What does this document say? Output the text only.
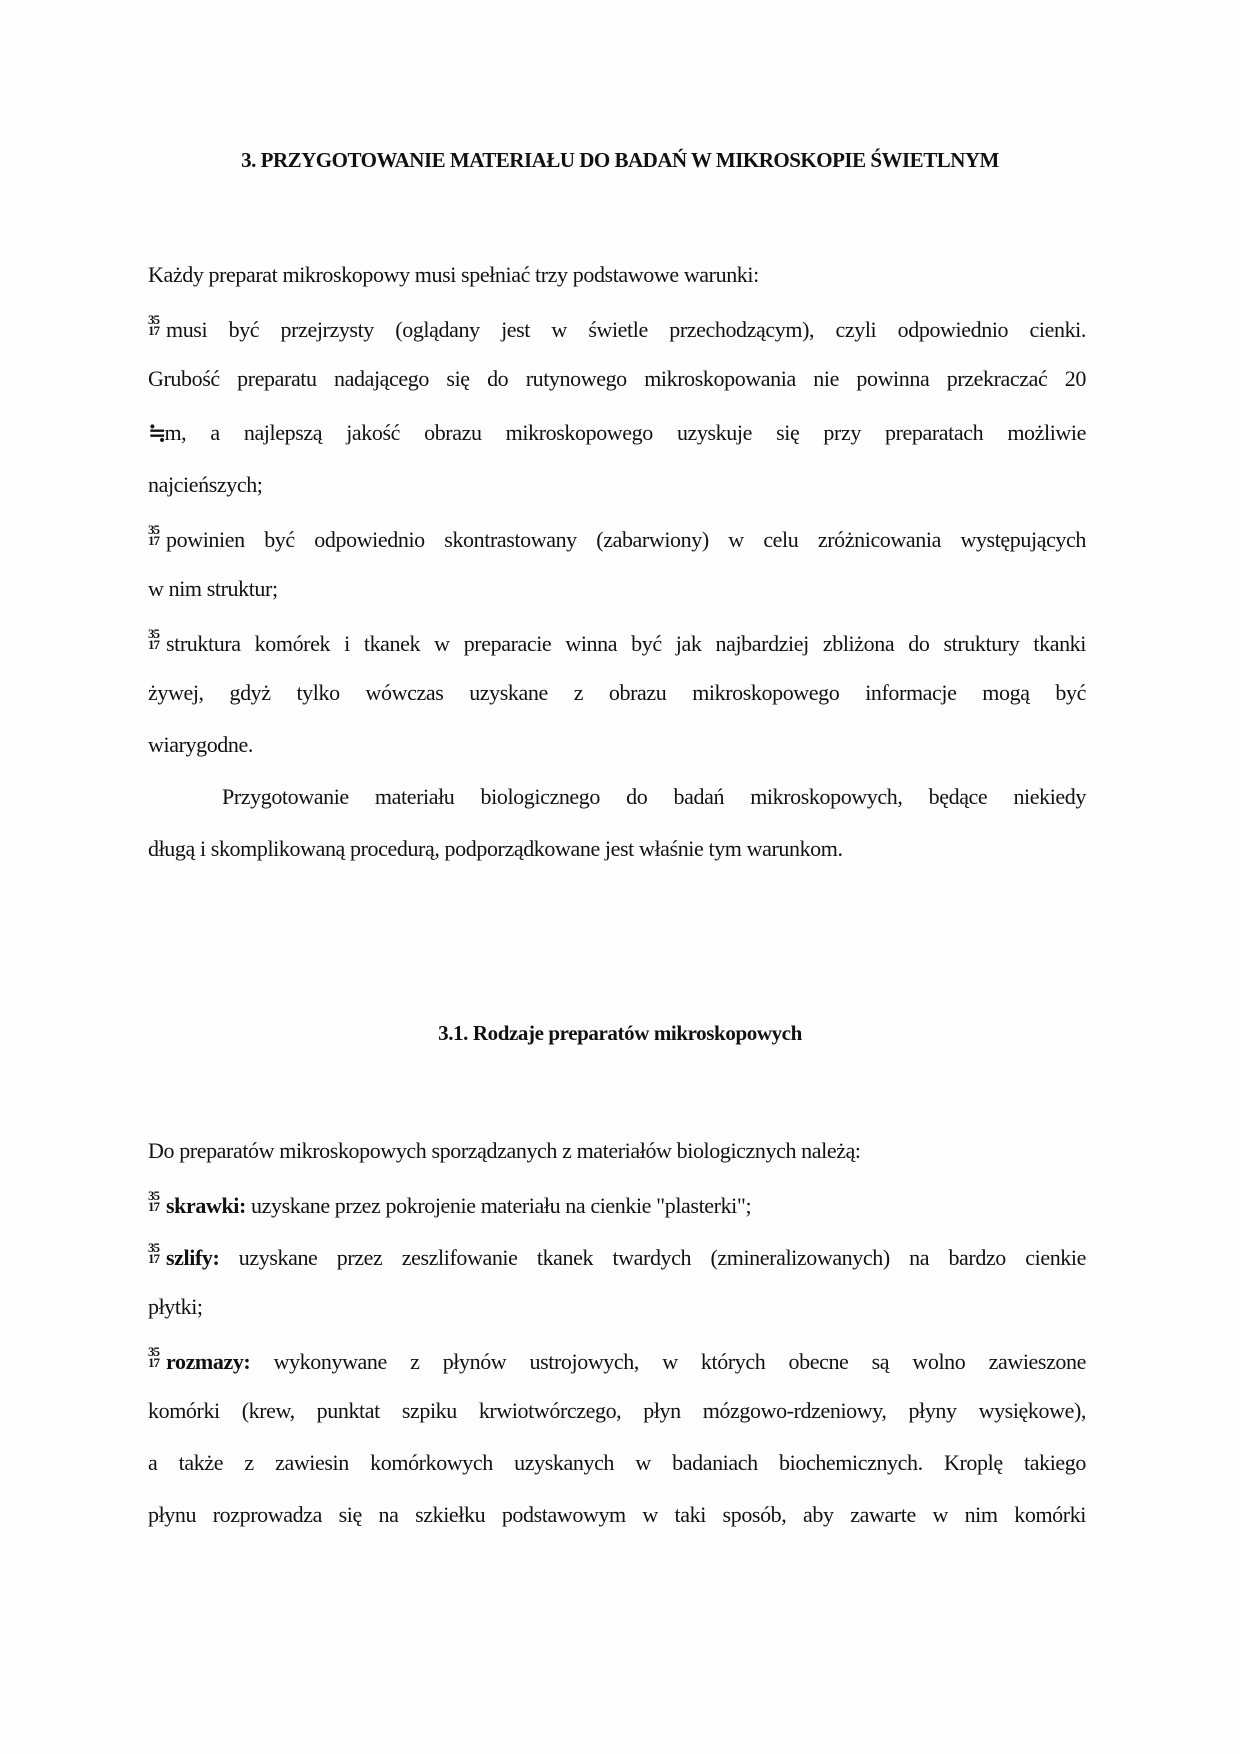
3. PRZYGOTOWANIE MATERIAŁU DO BADAŃ W MIKROSKOPIE ŚWIETLNYM
Każdy preparat mikroskopowy musi spełniać trzy podstawowe warunki:
35
17 musi być przejrzysty (oglądany jest w świetle przechodzącym), czyli odpowiednio cienki.
Grubość preparatu nadającego się do rutynowego mikroskopowania nie powinna przekraczać 20
≒m, a najlepszą jakość obrazu mikroskopowego uzyskuje się przy preparatach możliwie
najcieńszych;
35
17 powinien być odpowiednio skontrastowany (zabarwiony) w celu zróżnicowania występujących
w nim struktur;
35
17 struktura komórek i tkanek w preparacie winna być jak najbardziej zbliżona do struktury tkanki
żywej, gdyż tylko wówczas uzyskane z obrazu mikroskopowego informacje mogą być
wiarygodne.
Przygotowanie materiału biologicznego do badań mikroskopowych, będące niekiedy
długą i skomplikowaną procedurą, podporządkowane jest właśnie tym warunkom.
3.1. Rodzaje preparatów mikroskopowych
Do preparatów mikroskopowych sporządzanych z materiałów biologicznych należą:
35
17 skrawki: uzyskane przez pokrojenie materiału na cienkie "plasterki";
35
17 szlify: uzyskane przez zeszlifowanie tkanek twardych (zmineralizowanych) na bardzo cienkie
płytki;
35
17 rozmazy: wykonywane z płynów ustrojowych, w których obecne są wolno zawieszone
komórki (krew, punktat szpiku krwiotwórczego, płyn mózgowo-rdzeniowy, płyny wysiękowe),
a także z zawiesin komórkowych uzyskanych w badaniach biochemicznych. Kroplę takiego
płynu rozprowadza się na szkiełku podstawowym w taki sposób, aby zawarte w nim komórki
